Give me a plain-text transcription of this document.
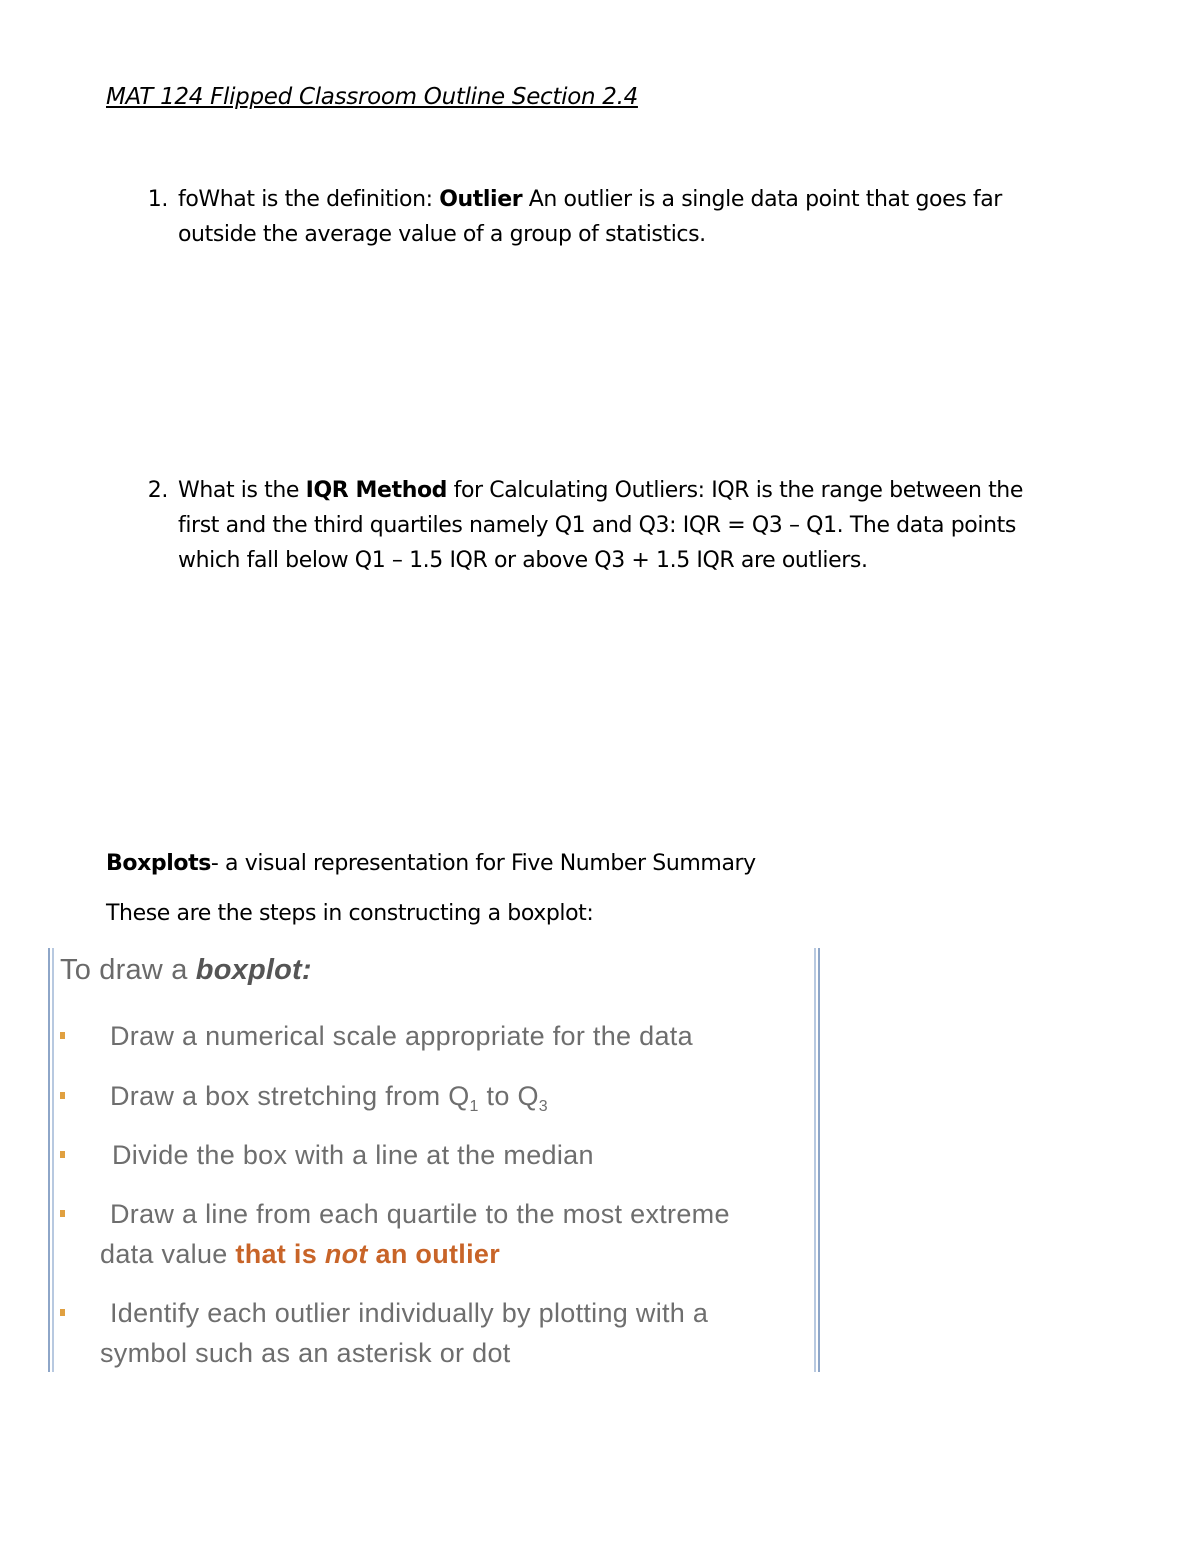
MAT 124 Flipped Classroom Outline Section 2.4
1. foWhat is the definition: Outlier An outlier is a single data point that goes far
outside the average value of a group of statistics.
2. What is the IQR Method for Calculating Outliers: IQR is the range between the
first and the third quartiles namely Q1 and Q3: IQR = Q3 – Q1. The data points
which fall below Q1 – 1.5 IQR or above Q3 + 1.5 IQR are outliers.
Boxplots- a visual representation for Five Number Summary
These are the steps in constructing a boxplot:
To draw a boxplot:
Draw a numerical scale appropriate for the data
Draw a box stretching from $Q_1$ to $Q_3$
Divide the box with a line at the median
Draw a line from each quartile to the most extreme
data value that is not an outlier
Identify each outlier individually by plotting with a
symbol such as an asterisk or dot
